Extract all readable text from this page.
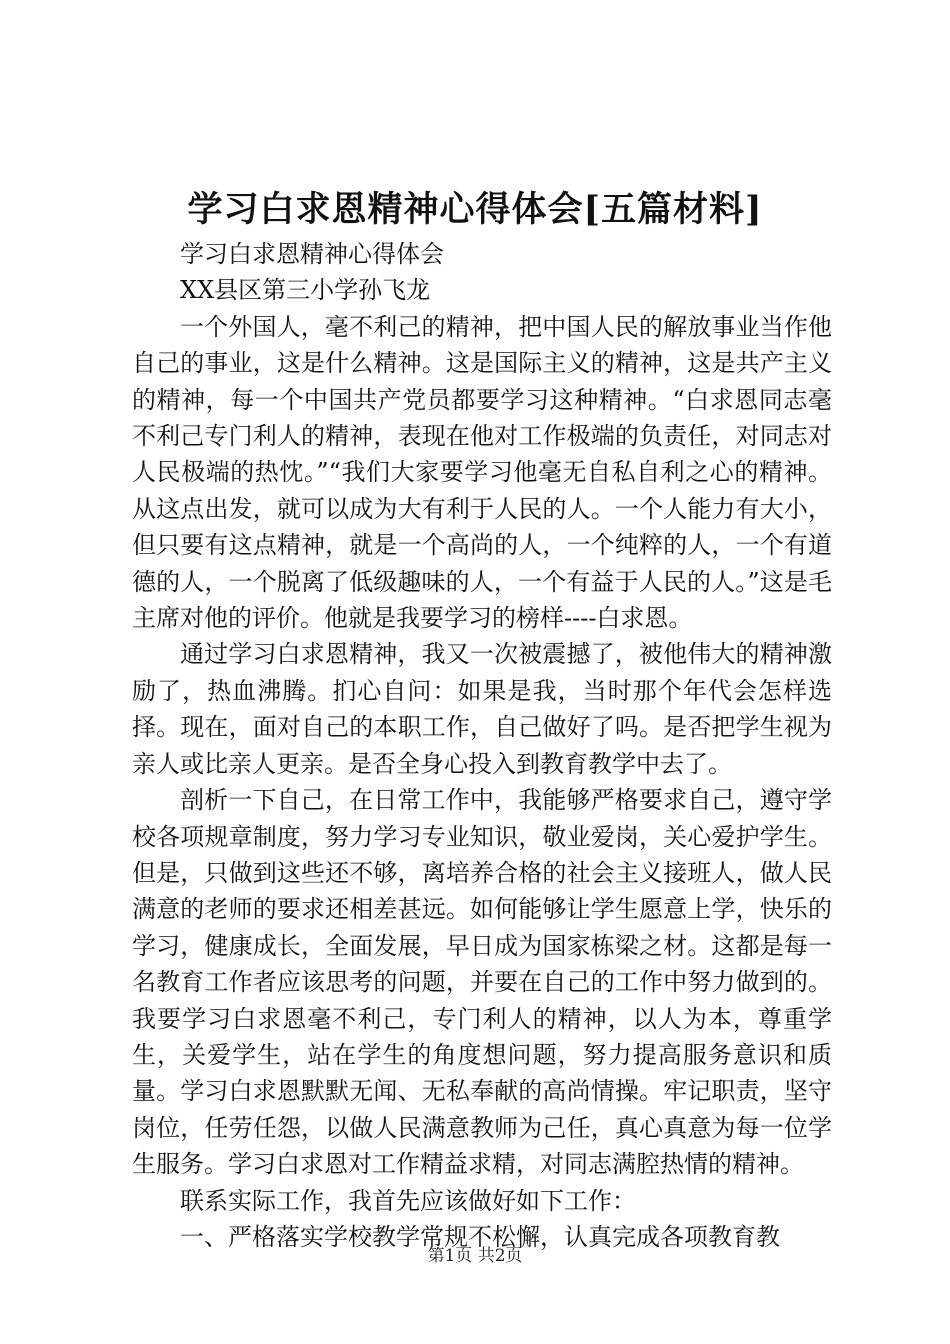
学习白求恩精神心得体会[五篇材料]

学习白求恩精神心得体会

XX县区第三小学孙飞龙

一个外国人，毫不利己的精神，把中国人民的解放事业当作他自己的事业，这是什么精神。这是国际主义的精神，这是共产主义的精神，每一个中国共产党员都要学习这种精神。“白求恩同志毫不利己专门利人的精神，表现在他对工作极端的负责任，对同志对人民极端的热忱。”“我们大家要学习他毫无自私自利之心的精神。从这点出发，就可以成为大有利于人民的人。一个人能力有大小，但只要有这点精神，就是一个高尚的人，一个纯粹的人，一个有道德的人，一个脱离了低级趣味的人，一个有益于人民的人。”这是毛主席对他的评价。他就是我要学习的榜样----白求恩。

通过学习白求恩精神，我又一次被震撼了，被他伟大的精神激励了，热血沸腾。扪心自问：如果是我，当时那个年代会怎样选择。现在，面对自己的本职工作，自己做好了吗。是否把学生视为亲人或比亲人更亲。是否全身心投入到教育教学中去了。

剖析一下自己，在日常工作中，我能够严格要求自己，遵守学校各项规章制度，努力学习专业知识，敬业爱岗，关心爱护学生。但是，只做到这些还不够，离培养合格的社会主义接班人，做人民满意的老师的要求还相差甚远。如何能够让学生愿意上学，快乐的学习，健康成长，全面发展，早日成为国家栋梁之材。这都是每一名教育工作者应该思考的问题，并要在自己的工作中努力做到的。我要学习白求恩毫不利己，专门利人的精神，以人为本，尊重学生，关爱学生，站在学生的角度想问题，努力提高服务意识和质量。学习白求恩默默无闻、无私奉献的高尚情操。牢记职责，坚守岗位，任劳任怨，以做人民满意教师为己任，真心真意为每一位学生服务。学习白求恩对工作精益求精，对同志满腔热情的精神。

联系实际工作，我首先应该做好如下工作：

一、严格落实学校教学常规不松懈，认真完成各项教育教

第1页 共2页
